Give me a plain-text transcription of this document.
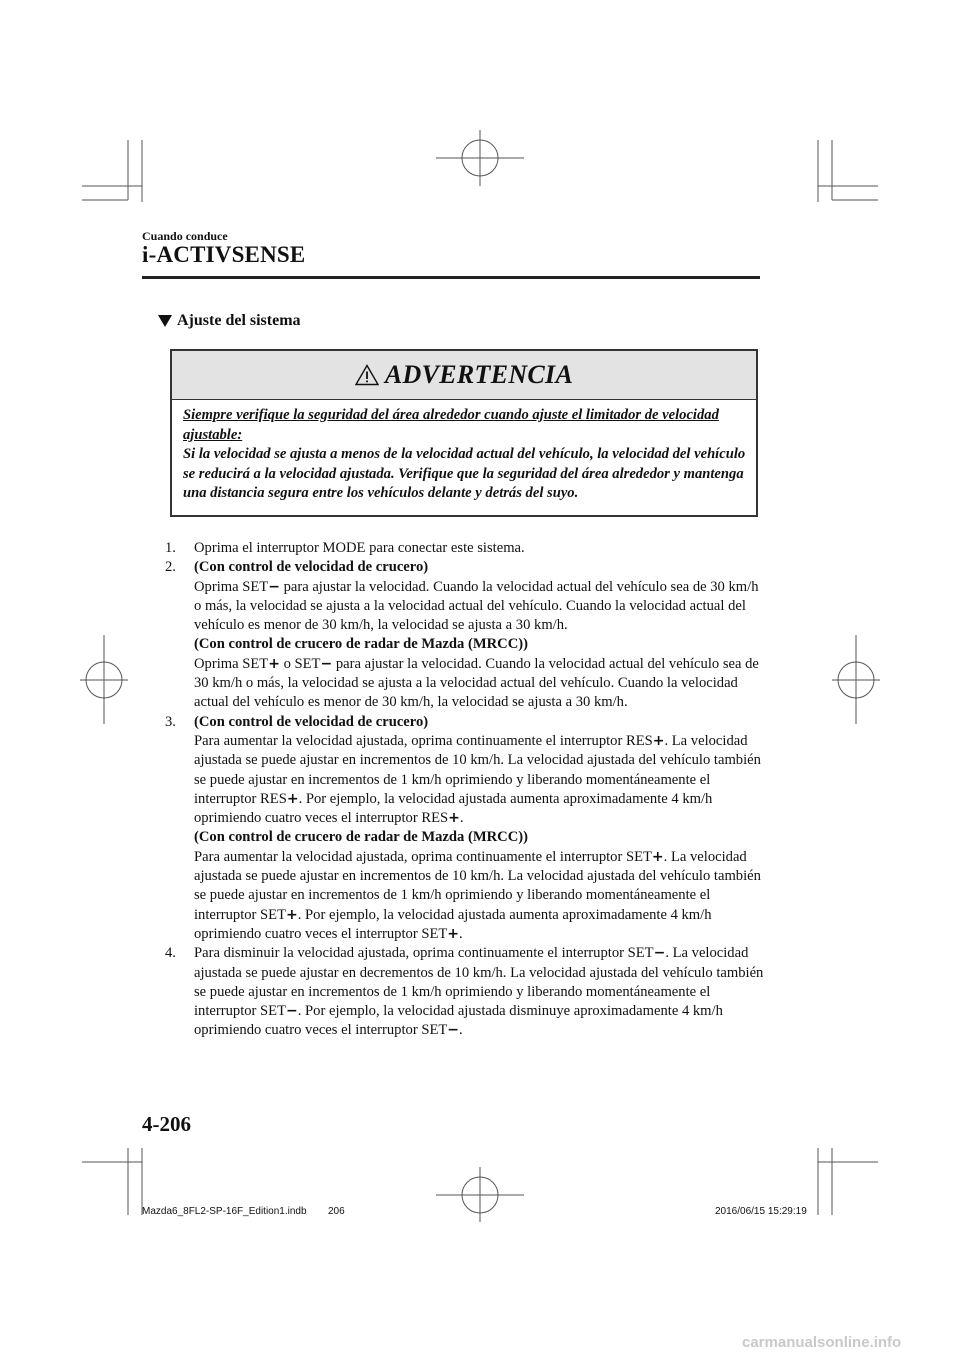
Cuando conduce
i-ACTIVSENSE
Ajuste del sistema
ADVERTENCIA
Siempre verifique la seguridad del área alrededor cuando ajuste el limitador de velocidad ajustable:
Si la velocidad se ajusta a menos de la velocidad actual del vehículo, la velocidad del vehículo se reducirá a la velocidad ajustada. Verifique que la seguridad del área alrededor y mantenga una distancia segura entre los vehículos delante y detrás del suyo.
1. Oprima el interruptor MODE para conectar este sistema.

2. (Con control de velocidad de crucero)

Oprima SET− para ajustar la velocidad. Cuando la velocidad actual del vehículo sea de 30 km/h o más, la velocidad se ajusta a la velocidad actual del vehículo. Cuando la velocidad actual del vehículo es menor de 30 km/h, la velocidad se ajusta a 30 km/h.

(Con control de crucero de radar de Mazda (MRCC))

Oprima SET+ o SET− para ajustar la velocidad. Cuando la velocidad actual del vehículo sea de 30 km/h o más, la velocidad se ajusta a la velocidad actual del vehículo. Cuando la velocidad actual del vehículo es menor de 30 km/h, la velocidad se ajusta a 30 km/h.

3. (Con control de velocidad de crucero)

Para aumentar la velocidad ajustada, oprima continuamente el interruptor RES+. La velocidad ajustada se puede ajustar en incrementos de 10 km/h. La velocidad ajustada del vehículo también se puede ajustar en incrementos de 1 km/h oprimiendo y liberando momentáneamente el interruptor RES+. Por ejemplo, la velocidad ajustada aumenta aproximadamente 4 km/h oprimiendo cuatro veces el interruptor RES+.

(Con control de crucero de radar de Mazda (MRCC))

Para aumentar la velocidad ajustada, oprima continuamente el interruptor SET+. La velocidad ajustada se puede ajustar en incrementos de 10 km/h. La velocidad ajustada del vehículo también se puede ajustar en incrementos de 1 km/h oprimiendo y liberando momentáneamente el interruptor SET+. Por ejemplo, la velocidad ajustada aumenta aproximadamente 4 km/h oprimiendo cuatro veces el interruptor SET+.

4. Para disminuir la velocidad ajustada, oprima continuamente el interruptor SET−. La velocidad ajustada se puede ajustar en decrementos de 10 km/h. La velocidad ajustada del vehículo también se puede ajustar en incrementos de 1 km/h oprimiendo y liberando momentáneamente el interruptor SET−. Por ejemplo, la velocidad ajustada disminuye aproximadamente 4 km/h oprimiendo cuatro veces el interruptor SET−.

4-206
Mazda6_8FL2-SP-16F_Edition1.indb 206	2016/06/15 15:29:19
carmanualsonline.info
